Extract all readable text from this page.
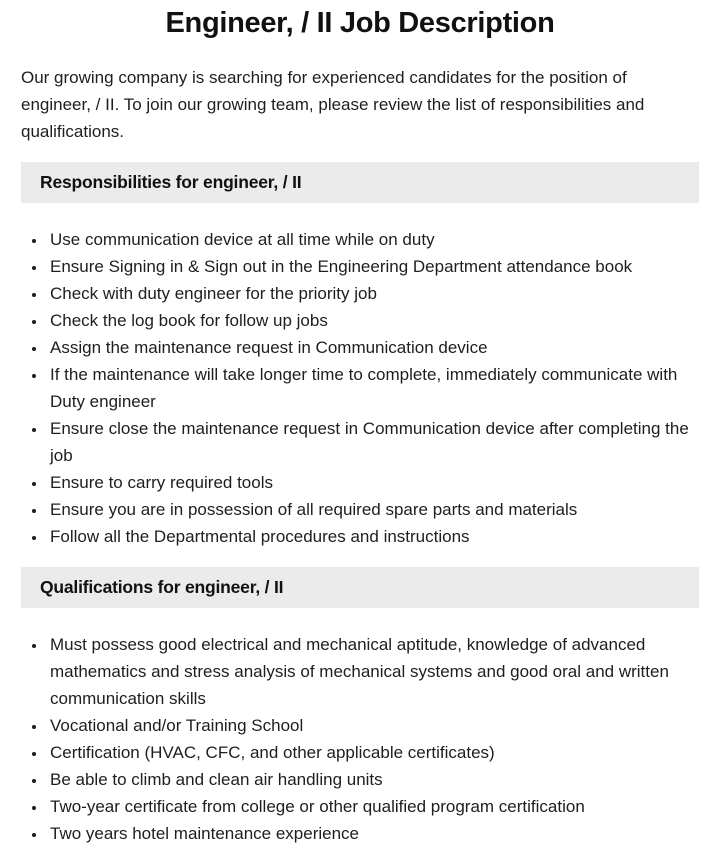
Engineer, / II Job Description

Our growing company is searching for experienced candidates for the position of engineer, / II. To join our growing team, please review the list of responsibilities and qualifications.

Responsibilities for engineer, / II
• Use communication device at all time while on duty
• Ensure Signing in & Sign out in the Engineering Department attendance book
• Check with duty engineer for the priority job
• Check the log book for follow up jobs
• Assign the maintenance request in Communication device
• If the maintenance will take longer time to complete, immediately communicate with Duty engineer
• Ensure close the maintenance request in Communication device after completing the job
• Ensure to carry required tools
• Ensure you are in possession of all required spare parts and materials
• Follow all the Departmental procedures and instructions
Qualifications for engineer, / II
• Must possess good electrical and mechanical aptitude, knowledge of advanced mathematics and stress analysis of mechanical systems and good oral and written communication skills
• Vocational and/or Training School
• Certification (HVAC, CFC, and other applicable certificates)
• Be able to climb and clean air handling units
• Two-year certificate from college or other qualified program certification
• Two years hotel maintenance experience
